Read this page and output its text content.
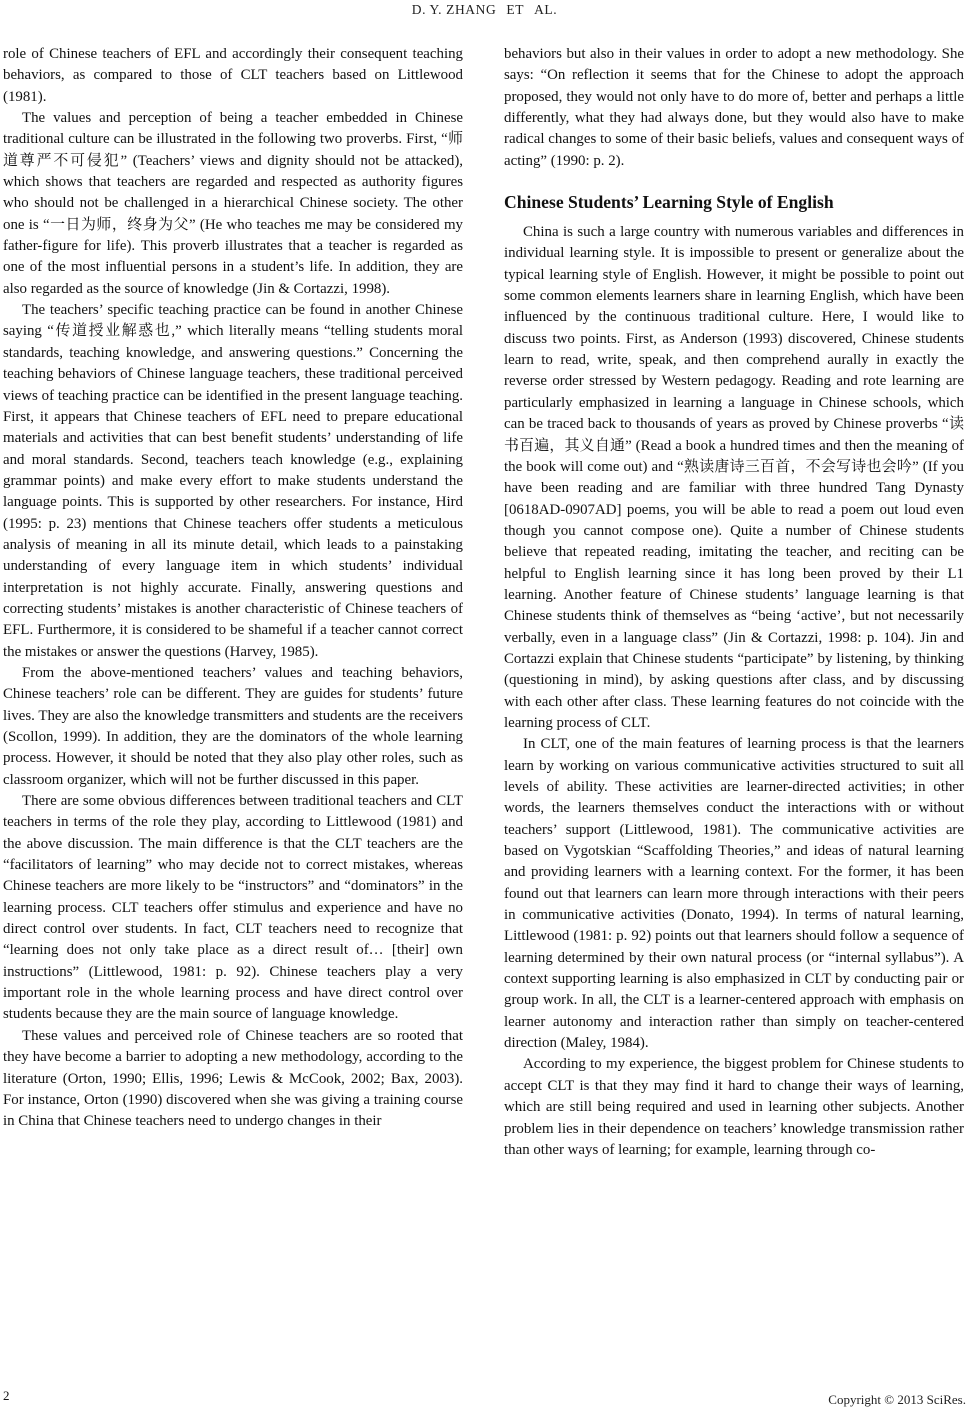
D. Y. ZHANG ET AL.

role of Chinese teachers of EFL and accordingly their consequent teaching behaviors, as compared to those of CLT teachers based on Littlewood (1981).

The values and perception of being a teacher embedded in Chinese traditional culture can be illustrated in the following two proverbs. First, “师道尊严不可侵犯” (Teachers’ views and dignity should not be attacked), which shows that teachers are regarded and respected as authority figures who should not be challenged in a hierarchical Chinese society. The other one is “一日为师，终身为父” (He who teaches me may be considered my father-figure for life). This proverb illustrates that a teacher is regarded as one of the most influential persons in a student’s life. In addition, they are also regarded as the source of knowledge (Jin & Cortazzi, 1998).

The teachers’ specific teaching practice can be found in another Chinese saying “传道授业解惑也,” which literally means “telling students moral standards, teaching knowledge, and answering questions.” Concerning the teaching behaviors of Chinese language teachers, these traditional perceived views of teaching practice can be identified in the present language teaching. First, it appears that Chinese teachers of EFL need to prepare educational materials and activities that can best benefit students’ understanding of life and moral standards. Second, teachers teach knowledge (e.g., explaining grammar points) and make every effort to make students understand the language points. This is supported by other researchers. For instance, Hird (1995: p. 23) mentions that Chinese teachers offer students a meticulous analysis of meaning in all its minute detail, which leads to a painstaking understanding of every language item in which students’ individual interpretation is not highly accurate. Finally, answering questions and correcting students’ mistakes is another characteristic of Chinese teachers of EFL. Furthermore, it is considered to be shameful if a teacher cannot correct the mistakes or answer the questions (Harvey, 1985).

From the above-mentioned teachers’ values and teaching behaviors, Chinese teachers’ role can be different. They are guides for students’ future lives. They are also the knowledge transmitters and students are the receivers (Scollon, 1999). In addition, they are the dominators of the whole learning process. However, it should be noted that they also play other roles, such as classroom organizer, which will not be further discussed in this paper.

There are some obvious differences between traditional teachers and CLT teachers in terms of the role they play, according to Littlewood (1981) and the above discussion. The main difference is that the CLT teachers are the “facilitators of learning” who may decide not to correct mistakes, whereas Chinese teachers are more likely to be “instructors” and “dominators” in the learning process. CLT teachers offer stimulus and experience and have no direct control over students. In fact, CLT teachers need to recognize that “learning does not only take place as a direct result of… [their] own instructions” (Littlewood, 1981: p. 92). Chinese teachers play a very important role in the whole learning process and have direct control over students because they are the main source of language knowledge.

These values and perceived role of Chinese teachers are so rooted that they have become a barrier to adopting a new methodology, according to the literature (Orton, 1990; Ellis, 1996; Lewis & McCook, 2002; Bax, 2003). For instance, Orton (1990) discovered when she was giving a training course in China that Chinese teachers need to undergo changes in their

behaviors but also in their values in order to adopt a new methodology. She says: “On reflection it seems that for the Chinese to adopt the approach proposed, they would not only have to do more of, better and perhaps a little differently, what they had always done, but they would also have to make radical changes to some of their basic beliefs, values and consequent ways of acting” (1990: p. 2).

Chinese Students’ Learning Style of English

China is such a large country with numerous variables and differences in individual learning style. It is impossible to present or generalize about the typical learning style of English. However, it might be possible to point out some common elements learners share in learning English, which have been influenced by the continuous traditional culture. Here, I would like to discuss two points. First, as Anderson (1993) discovered, Chinese students learn to read, write, speak, and then comprehend aurally in exactly the reverse order stressed by Western pedagogy. Reading and rote learning are particularly emphasized in learning a language in Chinese schools, which can be traced back to thousands of years as proved by Chinese proverbs “读书百遍，其义自通” (Read a book a hundred times and then the meaning of the book will come out) and “熟读唐诗三百首，不会写诗也会吟” (If you have been reading and are familiar with three hundred Tang Dynasty [0618AD-0907AD] poems, you will be able to read a poem out loud even though you cannot compose one). Quite a number of Chinese students believe that repeated reading, imitating the teacher, and reciting can be helpful to English learning since it has long been proved by their L1 learning. Another feature of Chinese students’ language learning is that Chinese students think of themselves as “being ‘active’, but not necessarily verbally, even in a language class” (Jin & Cortazzi, 1998: p. 104). Jin and Cortazzi explain that Chinese students “participate” by listening, by thinking (questioning in mind), by asking questions after class, and by discussing with each other after class. These learning features do not coincide with the learning process of CLT.

In CLT, one of the main features of learning process is that the learners learn by working on various communicative activities structured to suit all levels of ability. These activities are learner-directed activities; in other words, the learners themselves conduct the interactions with or without teachers’ support (Littlewood, 1981). The communicative activities are based on Vygotskian “Scaffolding Theories,” and ideas of natural learning and providing learners with a learning context. For the former, it has been found out that learners can learn more through interactions with their peers in communicative activities (Donato, 1994). In terms of natural learning, Littlewood (1981: p. 92) points out that learners should follow a sequence of learning determined by their own natural process (or “internal syllabus”). A context supporting learning is also emphasized in CLT by conducting pair or group work. In all, the CLT is a learner-centered approach with emphasis on learner autonomy and interaction rather than simply on teacher-centered direction (Maley, 1984).

According to my experience, the biggest problem for Chinese students to accept CLT is that they may find it hard to change their ways of learning, which are still being required and used in learning other subjects. Another problem lies in their dependence on teachers’ knowledge transmission rather than other ways of learning; for example, learning through co-

2	Copyright © 2013 SciRes.
